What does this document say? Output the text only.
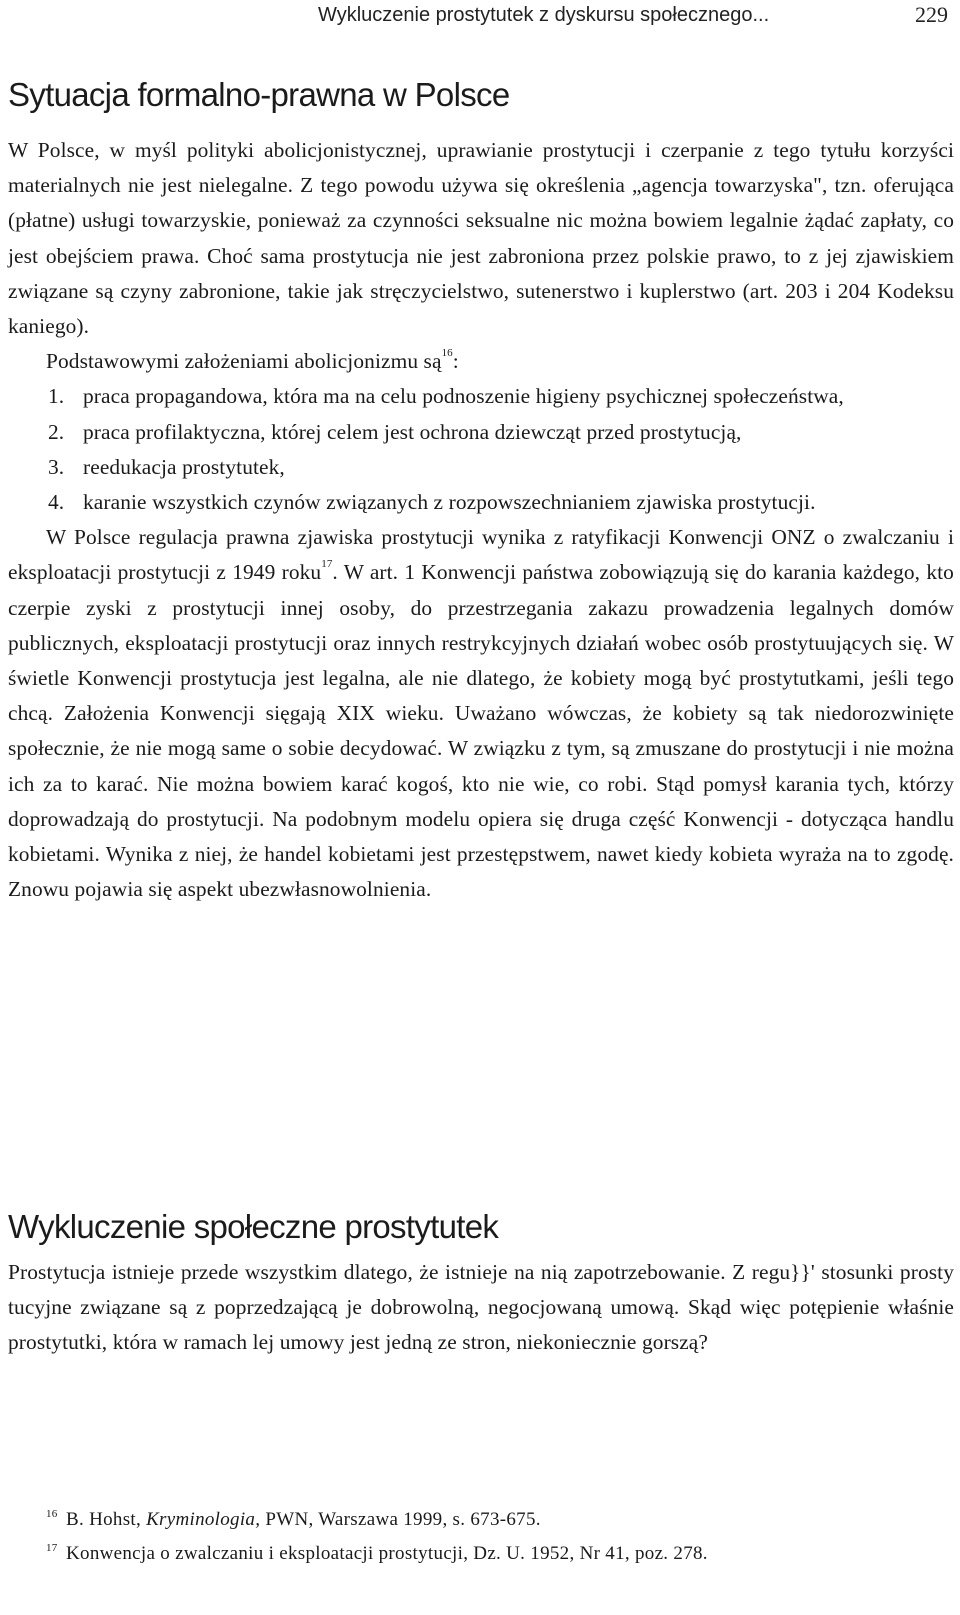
Wykluczenie prostytutek z dyskursu społecznego...	229
Sytuacja formalno-prawna w Polsce

W Polsce, w myśl polityki abolicjonistycznej, uprawianie prostytucji i czerpanie z tego tytułu korzyści materialnych nie jest nielegalne. Z tego powodu używa się określenia „agencja towarzyska", tzn. oferująca (płatne) usługi towarzyskie, ponieważ za czynności seksualne nic można bowiem legalnie żądać zapłaty, co jest obejściem prawa. Choć sama prostytucja nie jest zabroniona przez polskie prawo, to z jej zjawiskiem związane są czyny zabronione, takie jak stręczycielstwo, sutenerstwo i kuplerstwo (art. 203 i 204 Kodeksu kaniego).

Podstawowymi założeniami abolicjonizmu $są^{16}$:

1. praca propagandowa, która ma na celu podnoszenie higieny psychicznej społeczeństwa,
2. praca profilaktyczna, której celem jest ochrona dziewcząt przed prostytucją,
3. reedukacja prostytutek,
4. karanie wszystkich czynów związanych z rozpowszechnianiem zjawiska prostytucji.

W Polsce regulacja prawna zjawiska prostytucji wynika z ratyfikacji Konwencji ONZ o zwalczaniu i eksploatacji prostytucji z 1949 roku$^{17}$. W art. 1 Konwencji państwa zobowiązują się do karania każdego, kto czerpie zyski z prostytucji innej osoby, do przestrzegania zakazu prowadzenia legalnych domów publicznych, eksploatacji prostytucji oraz innych restrykcyjnych działań wobec osób prostytuujących się. W świetle Konwencji prostytucja jest legalna, ale nie dlatego, że kobiety mogą być prostytutkami, jeśli tego chcą. Założenia Konwencji sięgają XIX wieku. Uważano wówczas, że kobiety są tak niedorozwinięte społecznie, że nie mogą same o sobie decydować. W związku z tym, są zmuszane do prostytucji i nie można ich za to karać. Nie można bowiem karać kogoś, kto nie wie, co robi. Stąd pomysł karania tych, którzy doprowadzają do prostytucji. Na podobnym modelu opiera się druga część Konwencji - dotycząca handlu kobietami. Wynika z niej, że handel kobietami jest przestępstwem, nawet kiedy kobieta wyraża na to zgodę. Znowu pojawia się aspekt ubezwłasnowolnienia.

Wykluczenie społeczne prostytutek

Prostytucja istnieje przede wszystkim dlatego, że istnieje na nią zapotrzebowanie. Z regu}}' stosunki prosty tucyjne związane są z poprzedzającą je dobrowolną, negocjowaną umową. Skąd więc potępienie właśnie prostytutki, która w ramach lej umowy jest jedną ze stron, niekoniecznie gorszą?

16 B. Hohst, Kryminologia, PWN, Warszawa 1999, s. 673-675.
17 Konwencja o zwalczaniu i eksploatacji prostytucji, Dz. U. 1952, Nr 41, poz. 278.
